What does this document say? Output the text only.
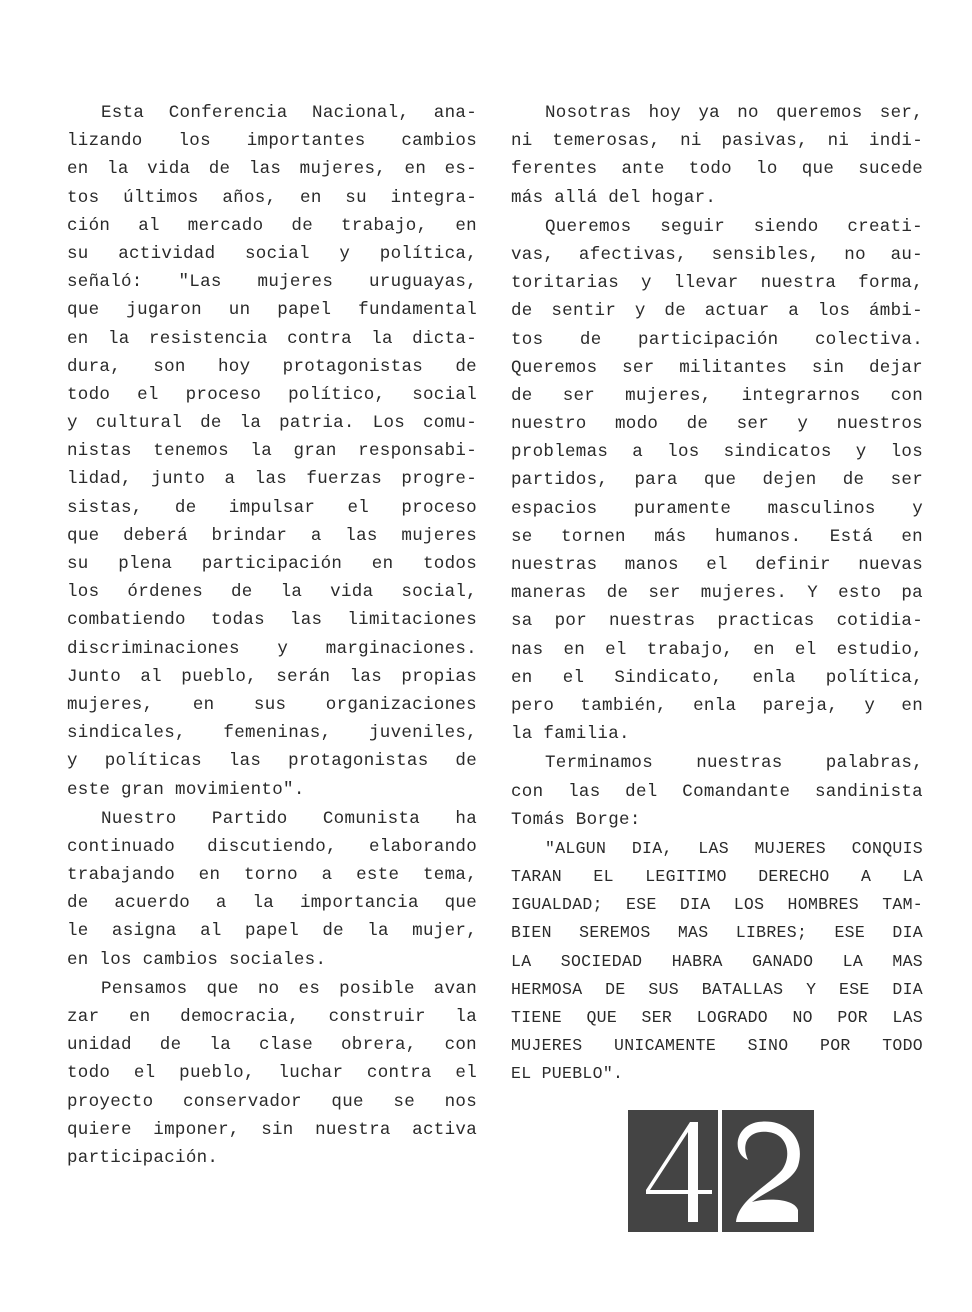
Esta Conferencia Nacional, ana-
lizando los importantes cambios
en la vida de las mujeres, en es-
tos últimos años, en su integra-
ción al mercado de trabajo, en
su actividad social y política,
señaló: "Las mujeres uruguayas,
que jugaron un papel fundamental
en la resistencia contra la dicta-
dura, son hoy protagonistas de
todo el proceso político, social
y cultural de la patria. Los comu-
nistas tenemos la gran responsabi-
lidad, junto a las fuerzas progre-
sistas, de impulsar el proceso
que deberá brindar a las mujeres
su plena participación en todos
los órdenes de la vida social,
combatiendo todas las limitaciones
discriminaciones y marginaciones.
Junto al pueblo, serán las propias
mujeres, en sus organizaciones
sindicales, femeninas, juveniles,
y políticas las protagonistas de
este gran movimiento".
Nuestro Partido Comunista ha
continuado discutiendo, elaborando
trabajando en torno a este tema,
de acuerdo a la importancia que
le asigna al papel de la mujer,
en los cambios sociales.
Pensamos que no es posible avan
zar en democracia, construir la
unidad de la clase obrera, con
todo el pueblo, luchar contra el
proyecto conservador que se nos
quiere imponer, sin nuestra activa
participación.
Nosotras hoy ya no queremos ser,
ni temerosas, ni pasivas, ni indi-
ferentes ante todo lo que sucede
más allá del hogar.
Queremos seguir siendo creati-
vas, afectivas, sensibles, no au-
toritarias y llevar nuestra forma,
de sentir y de actuar a los ámbi-
tos de participación colectiva.
Queremos ser militantes sin dejar
de ser mujeres, integrarnos con
nuestro modo de ser y nuestros
problemas a los sindicatos y los
partidos, para que dejen de ser
espacios puramente masculinos y
se tornen más humanos. Está en
nuestras manos el definir nuevas
maneras de ser mujeres. Y esto pa
sa por nuestras practicas cotidia-
nas en el trabajo, en el estudio,
en el Sindicato, enla política,
pero también, enla pareja, y en
la familia.
Terminamos nuestras palabras,
con las del Comandante sandinista
Tomás Borge:
"ALGUN DIA, LAS MUJERES CONQUIS
TARAN EL LEGITIMO DERECHO A LA
IGUALDAD; ESE DIA LOS HOMBRES TAM-
BIEN SEREMOS MAS LIBRES; ESE DIA
LA SOCIEDAD HABRA GANADO LA MAS
HERMOSA DE SUS BATALLAS Y ESE DIA
TIENE QUE SER LOGRADO NO POR LAS
MUJERES UNICAMENTE SINO POR TODO
EL PUEBLO".
